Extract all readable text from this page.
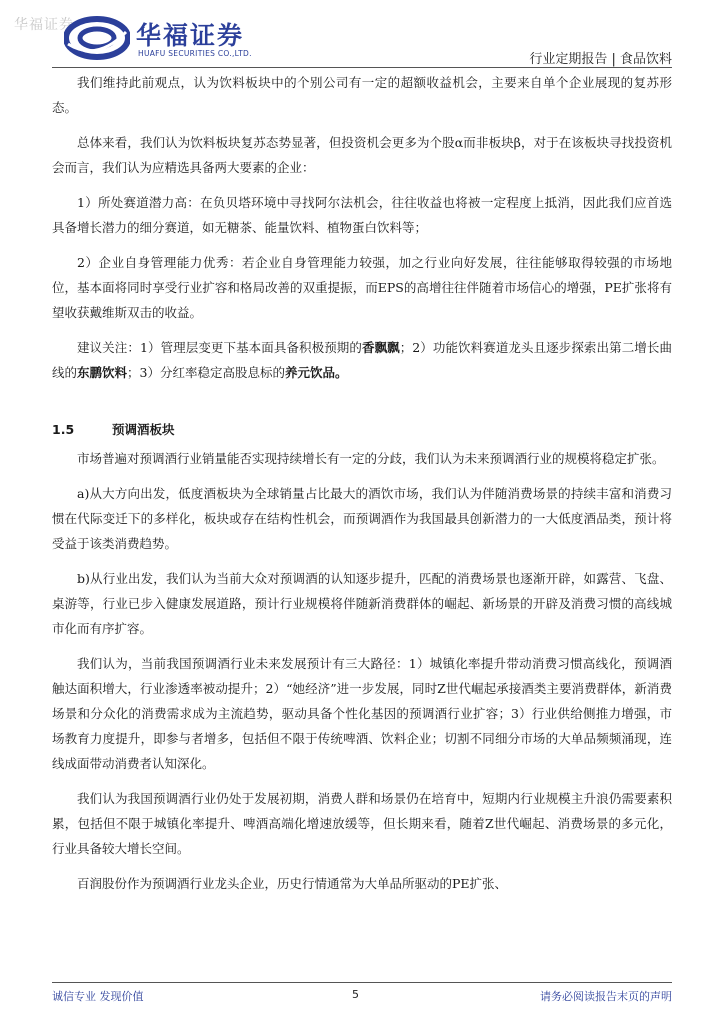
华福证券 华福证券
HUAFU SECURITIES CO.,LTD.	行业定期报告 | 食品饮料

我们维持此前观点，认为饮料板块中的个别公司有一定的超额收益机会，主要来自单个企业展现的复苏形态。

总体来看，我们认为饮料板块复苏态势显著，但投资机会更多为个股α而非板块β，对于在该板块寻找投资机会而言，我们认为应精选具备两大要素的企业：

1）所处赛道潜力高：在负贝塔环境中寻找阿尔法机会，往往收益也将被一定程度上抵消，因此我们应首选具备增长潜力的细分赛道，如无糖茶、能量饮料、植物蛋白饮料等；

2）企业自身管理能力优秀：若企业自身管理能力较强，加之行业向好发展，往往能够取得较强的市场地位，基本面将同时享受行业扩容和格局改善的双重提振，而EPS的高增往往伴随着市场信心的增强，PE扩张将有望收获戴维斯双击的收益。

建议关注：1）管理层变更下基本面具备积极预期的香飘飘；2）功能饮料赛道龙头且逐步探索出第二增长曲线的东鹏饮料；3）分红率稳定高股息标的养元饮品。

1.5	预调酒板块

市场普遍对预调酒行业销量能否实现持续增长有一定的分歧，我们认为未来预调酒行业的规模将稳定扩张。

a)从大方向出发，低度酒板块为全球销量占比最大的酒饮市场，我们认为伴随消费场景的持续丰富和消费习惯在代际变迁下的多样化，板块或存在结构性机会，而预调酒作为我国最具创新潜力的一大低度酒品类，预计将受益于该类消费趋势。

b)从行业出发，我们认为当前大众对预调酒的认知逐步提升，匹配的消费场景也逐渐开辟，如露营、飞盘、桌游等，行业已步入健康发展道路，预计行业规模将伴随新消费群体的崛起、新场景的开辟及消费习惯的高线城市化而有序扩容。

我们认为，当前我国预调酒行业未来发展预计有三大路径：1）城镇化率提升带动消费习惯高线化，预调酒触达面积增大，行业渗透率被动提升；2）“她经济”进一步发展，同时Z世代崛起承接酒类主要消费群体，新消费场景和分众化的消费需求成为主流趋势，驱动具备个性化基因的预调酒行业扩容；3）行业供给侧推力增强，市场教育力度提升，即参与者增多，包括但不限于传统啤酒、饮料企业；切割不同细分市场的大单品频频涌现，连线成面带动消费者认知深化。

我们认为我国预调酒行业仍处于发展初期，消费人群和场景仍在培育中，短期内行业规模主升浪仍需要素积累，包括但不限于城镇化率提升、啤酒高端化增速放缓等，但长期来看，随着Z世代崛起、消费场景的多元化，行业具备较大增长空间。

百润股份作为预调酒行业龙头企业，历史行情通常为大单品所驱动的PE扩张、

诚信专业 发现价值	5	请务必阅读报告末页的声明
